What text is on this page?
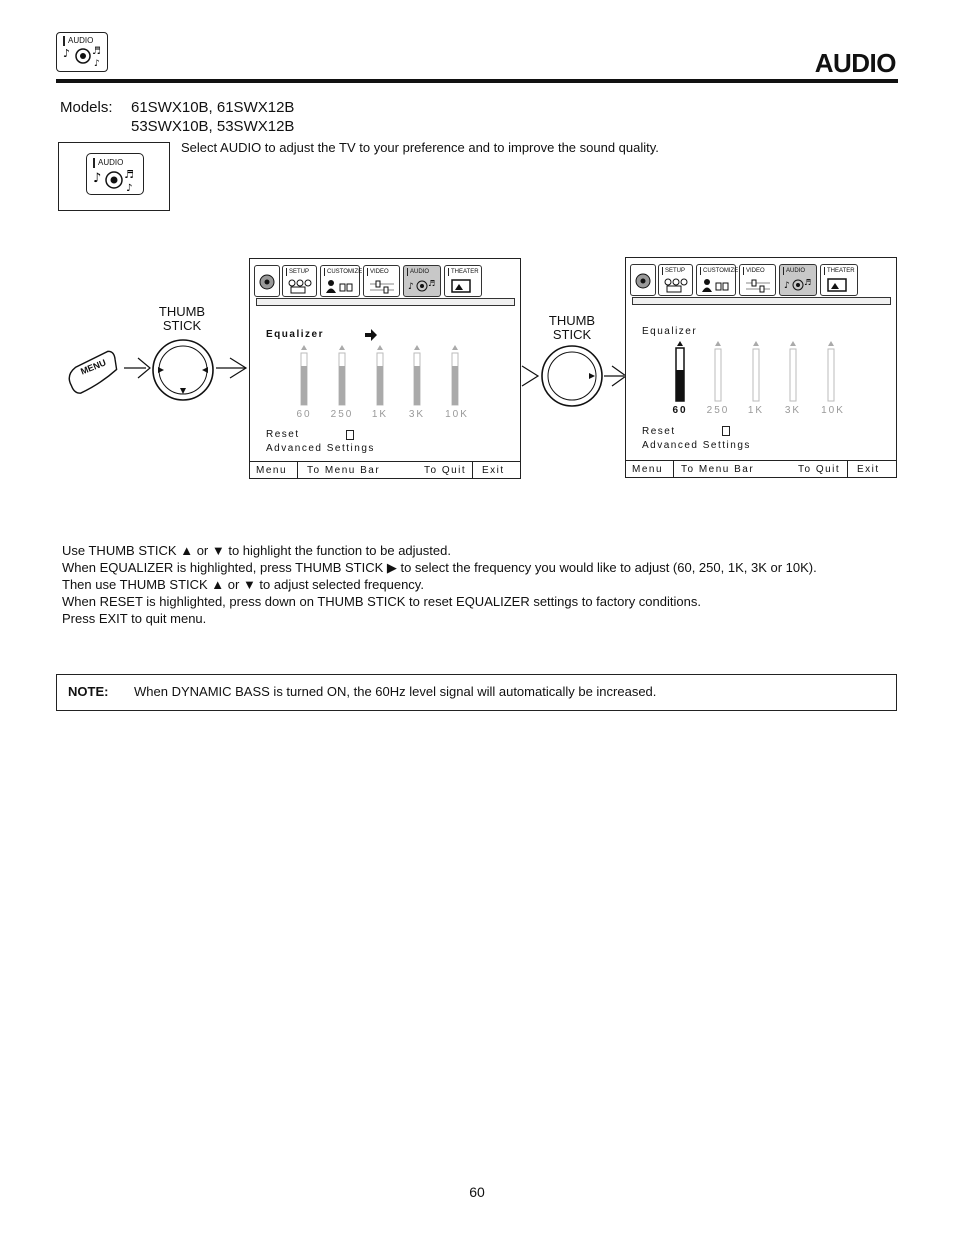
AUDIO
♪ ♬
♪	AUDIO
Models: 61SWX10B, 61SWX12B
53SWX10B, 53SWX12B
AUDIO
♪ ♬
♪
Select AUDIO to adjust the TV to your preference and to improve the sound quality.
MENU
THUMB
STICK
SETUP	CUSTOMIZE	VIDEO	AUDIO
♪ ♬
THEATER
Equalizer
60	250	1K	3K	10K
Reset
Advanced Settings
Menu To Menu Bar	To Quit Exit
THUMB
STICK
SETUP	CUSTOMIZE	VIDEO	AUDIO
♪ ♬
THEATER
Equalizer
60	250	1K	3K	10K
Reset
Advanced Settings
Menu To Menu Bar	To Quit Exit
Use THUMB STICK ▲ or ▼ to highlight the function to be adjusted.
When EQUALIZER is highlighted, press THUMB STICK ▶ to select the frequency you would like to adjust (60, 250, 1K, 3K or 10K).
Then use THUMB STICK ▲ or ▼ to adjust selected frequency.
When RESET is highlighted, press down on THUMB STICK to reset EQUALIZER settings to factory conditions.
Press EXIT to quit menu.
NOTE: When DYNAMIC BASS is turned ON, the 60Hz level signal will automatically be increased.
60
